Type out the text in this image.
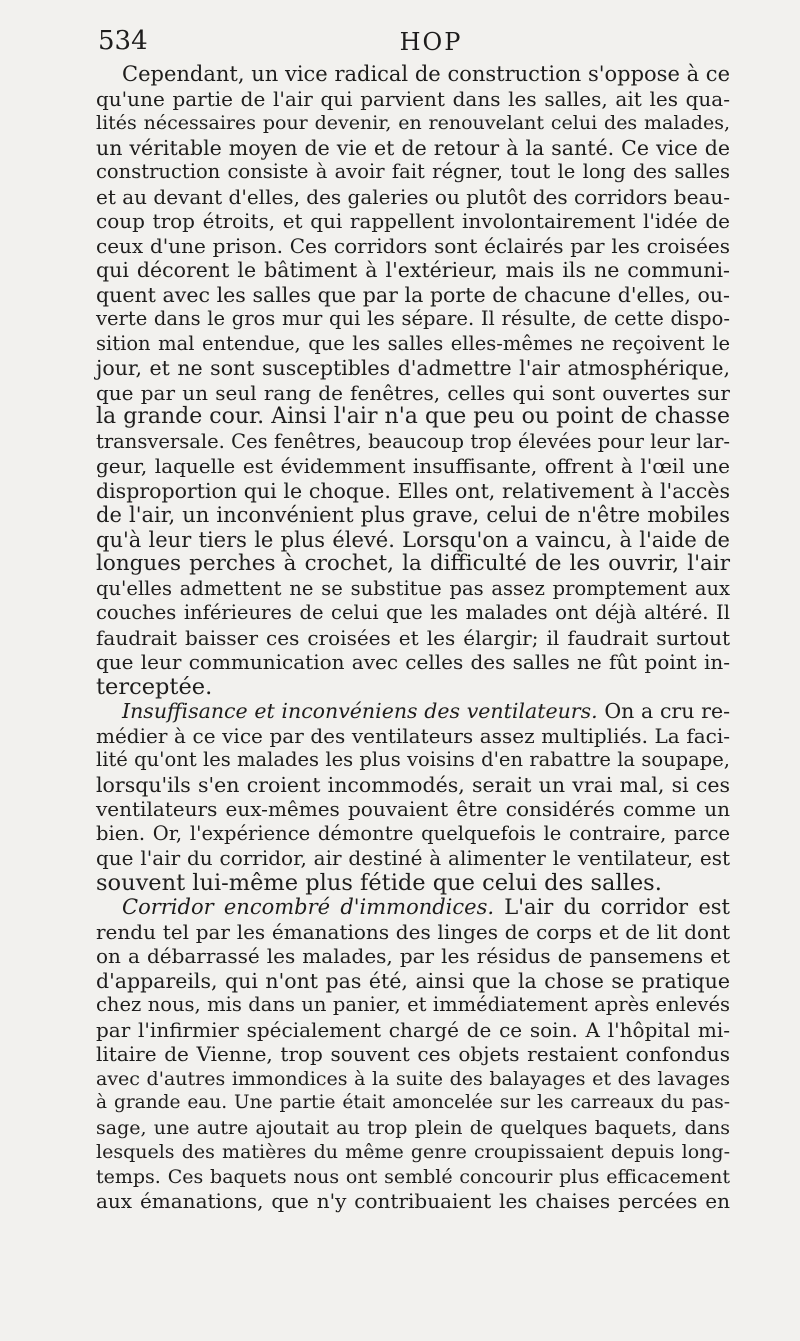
534	HOP
Cependant, un vice radical de construction s'oppose à ce
qu'une partie de l'air qui parvient dans les salles, ait les qua-
lités nécessaires pour devenir, en renouvelant celui des malades,
un véritable moyen de vie et de retour à la santé. Ce vice de
construction consiste à avoir fait régner, tout le long des salles
et au devant d'elles, des galeries ou plutôt des corridors beau-
coup trop étroits, et qui rappellent involontairement l'idée de
ceux d'une prison. Ces corridors sont éclairés par les croisées
qui décorent le bâtiment à l'extérieur, mais ils ne communi-
quent avec les salles que par la porte de chacune d'elles, ou-
verte dans le gros mur qui les sépare. Il résulte, de cette dispo-
sition mal entendue, que les salles elles-mêmes ne reçoivent le
jour, et ne sont susceptibles d'admettre l'air atmosphérique,
que par un seul rang de fenêtres, celles qui sont ouvertes sur
la grande cour. Ainsi l'air n'a que peu ou point de chasse
transversale. Ces fenêtres, beaucoup trop élevées pour leur lar-
geur, laquelle est évidemment insuffisante, offrent à l'œil une
disproportion qui le choque. Elles ont, relativement à l'accès
de l'air, un inconvénient plus grave, celui de n'être mobiles
qu'à leur tiers le plus élevé. Lorsqu'on a vaincu, à l'aide de
longues perches à crochet, la difficulté de les ouvrir, l'air
qu'elles admettent ne se substitue pas assez promptement aux
couches inférieures de celui que les malades ont déjà altéré. Il
faudrait baisser ces croisées et les élargir; il faudrait surtout
que leur communication avec celles des salles ne fût point in-
terceptée.
Insuffisance et inconvéniens des ventilateurs. On a cru re-
médier à ce vice par des ventilateurs assez multipliés. La faci-
lité qu'ont les malades les plus voisins d'en rabattre la soupape,
lorsqu'ils s'en croient incommodés, serait un vrai mal, si ces
ventilateurs eux-mêmes pouvaient être considérés comme un
bien. Or, l'expérience démontre quelquefois le contraire, parce
que l'air du corridor, air destiné à alimenter le ventilateur, est
souvent lui-même plus fétide que celui des salles.
Corridor encombré d'immondices. L'air du corridor est
rendu tel par les émanations des linges de corps et de lit dont
on a débarrassé les malades, par les résidus de pansemens et
d'appareils, qui n'ont pas été, ainsi que la chose se pratique
chez nous, mis dans un panier, et immédiatement après enlevés
par l'infirmier spécialement chargé de ce soin. A l'hôpital mi-
litaire de Vienne, trop souvent ces objets restaient confondus
avec d'autres immondices à la suite des balayages et des lavages
à grande eau. Une partie était amoncelée sur les carreaux du pas-
sage, une autre ajoutait au trop plein de quelques baquets, dans
lesquels des matières du même genre croupissaient depuis long-
temps. Ces baquets nous ont semblé concourir plus efficacement
aux émanations, que n'y contribuaient les chaises percées en
